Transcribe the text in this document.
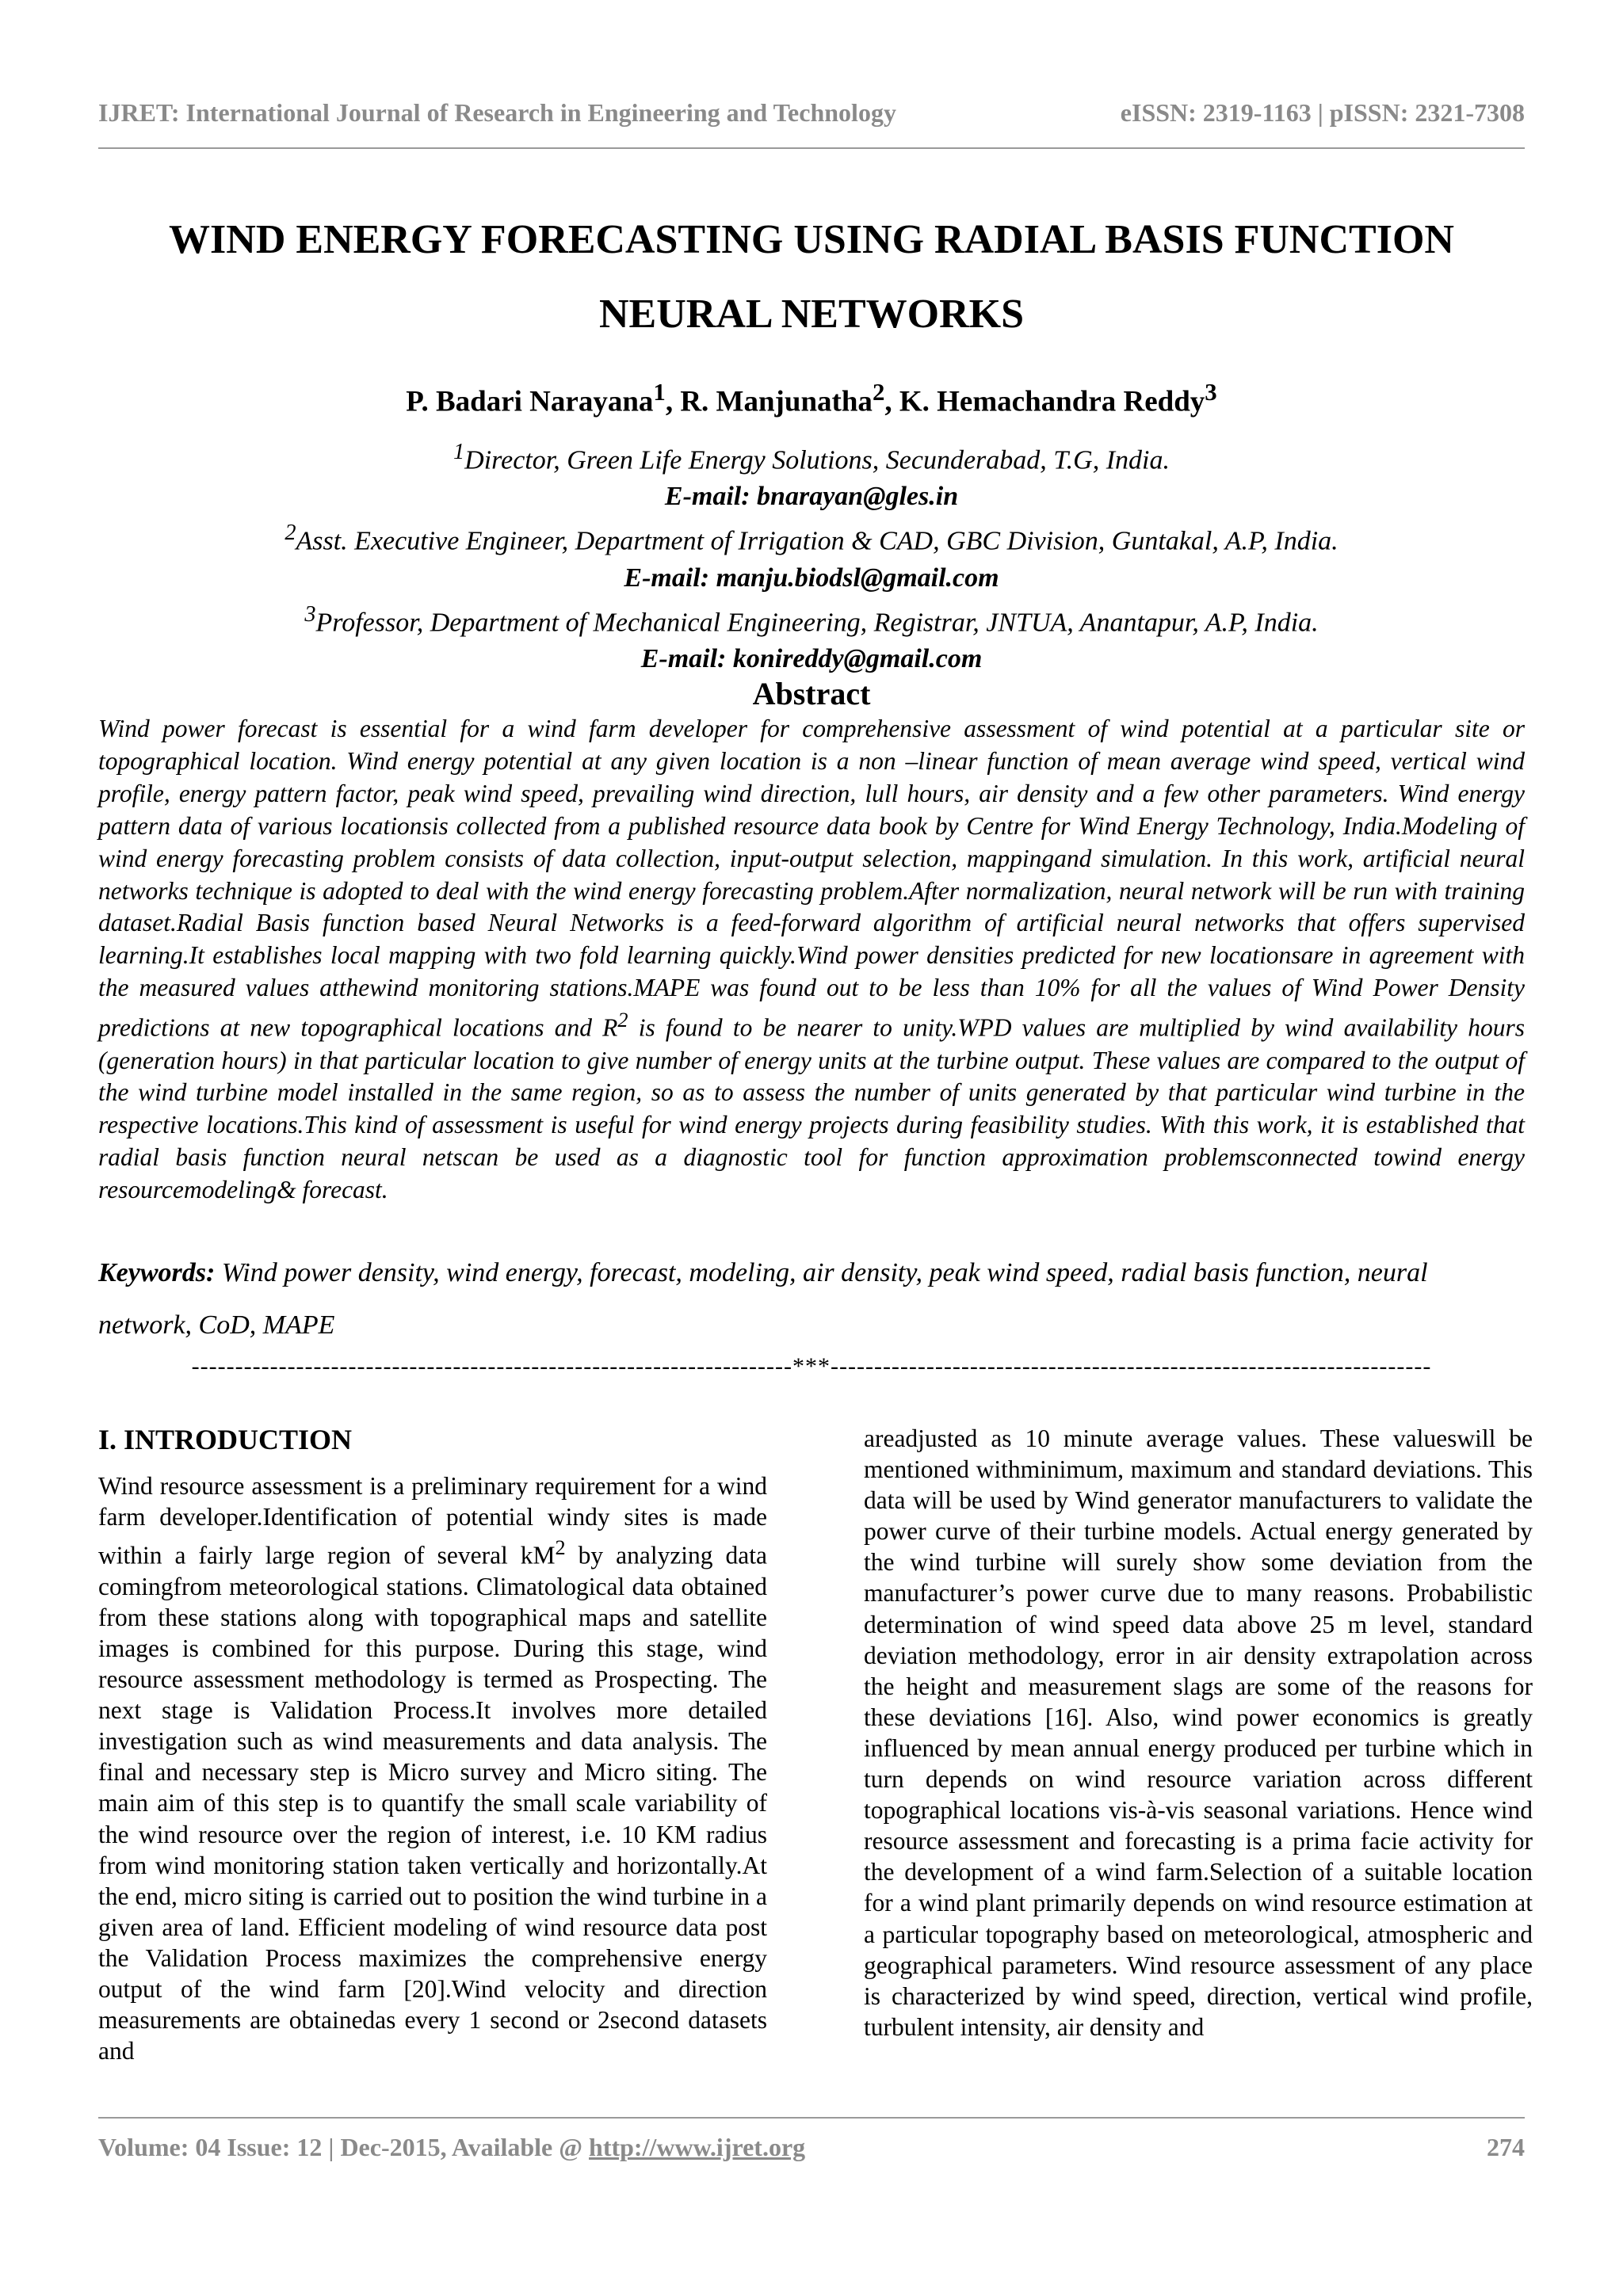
IJRET: International Journal of Research in Engineering and Technology	eISSN: 2319-1163 | pISSN: 2321-7308
WIND ENERGY FORECASTING USING RADIAL BASIS FUNCTION
NEURAL NETWORKS
P. Badari Narayana$^1$, R. Manjunatha$^2$, K. Hemachandra Reddy$^3$
$^1$Director, Green Life Energy Solutions, Secunderabad, T.G, India.
E-mail: bnarayan@gles.in
$^2$Asst. Executive Engineer, Department of Irrigation & CAD, GBC Division, Guntakal, A.P, India.
E-mail: manju.biodsl@gmail.com
$^3$Professor, Department of Mechanical Engineering, Registrar, JNTUA, Anantapur, A.P, India.
E-mail: konireddy@gmail.com
Abstract
Wind power forecast is essential for a wind farm developer for comprehensive assessment of wind potential at a particular site or topographical location. Wind energy potential at any given location is a non –linear function of mean average wind speed, vertical wind profile, energy pattern factor, peak wind speed, prevailing wind direction, lull hours, air density and a few other parameters. Wind energy pattern data of various locationsis collected from a published resource data book by Centre for Wind Energy Technology, India.Modeling of wind energy forecasting problem consists of data collection, input-output selection, mappingand simulation. In this work, artificial neural networks technique is adopted to deal with the wind energy forecasting problem.After normalization, neural network will be run with training dataset.Radial Basis function based Neural Networks is a feed-forward algorithm of artificial neural networks that offers supervised learning.It establishes local mapping with two fold learning quickly.Wind power densities predicted for new locationsare in agreement with the measured values atthewind monitoring stations.MAPE was found out to be less than 10% for all the values of Wind Power Density predictions at new topographical locations and $R^2$ is found to be nearer to unity.WPD values are multiplied by wind availability hours (generation hours) in that particular location to give number of energy units at the turbine output. These values are compared to the output of the wind turbine model installed in the same region, so as to assess the number of units generated by that particular wind turbine in the respective locations.This kind of assessment is useful for wind energy projects during feasibility studies. With this work, it is established that radial basis function neural netscan be used as a diagnostic tool for function approximation problemsconnected towind energy resourcemodeling& forecast.
Keywords: Wind power density, wind energy, forecast, modeling, air density, peak wind speed, radial basis function, neural network, CoD, MAPE
---------------------------------------------------------------------***---------------------------------------------------------------------
I. INTRODUCTION
Wind resource assessment is a preliminary requirement for a wind farm developer.Identification of potential windy sites is made within a fairly large region of several $kM^2$ by analyzing data comingfrom meteorological stations. Climatological data obtained from these stations along with topographical maps and satellite images is combined for this purpose. During this stage, wind resource assessment methodology is termed as Prospecting. The next stage is Validation Process.It involves more detailed investigation such as wind measurements and data analysis. The final and necessary step is Micro survey and Micro siting. The main aim of this step is to quantify the small scale variability of the wind resource over the region of interest, i.e. 10 KM radius from wind monitoring station taken vertically and horizontally.At the end, micro siting is carried out to position the wind turbine in a given area of land. Efficient modeling of wind resource data post the Validation Process maximizes the comprehensive energy output of the wind farm [20].Wind velocity and direction measurements are obtainedas every 1 second or 2second datasets and
areadjusted as 10 minute average values. These valueswill be mentioned withminimum, maximum and standard deviations. This data will be used by Wind generator manufacturers to validate the power curve of their turbine models. Actual energy generated by the wind turbine will surely show some deviation from the manufacturer’s power curve due to many reasons. Probabilistic determination of wind speed data above 25 m level, standard deviation methodology, error in air density extrapolation across the height and measurement slags are some of the reasons for these deviations [16]. Also, wind power economics is greatly influenced by mean annual energy produced per turbine which in turn depends on wind resource variation across different topographical locations vis-à-vis seasonal variations. Hence wind resource assessment and forecasting is a prima facie activity for the development of a wind farm.Selection of a suitable location for a wind plant primarily depends on wind resource estimation at a particular topography based on meteorological, atmospheric and geographical parameters. Wind resource assessment of any place is characterized by wind speed, direction, vertical wind profile, turbulent intensity, air density and
Volume: 04 Issue: 12 | Dec-2015, Available @ http://www.ijret.org	274
